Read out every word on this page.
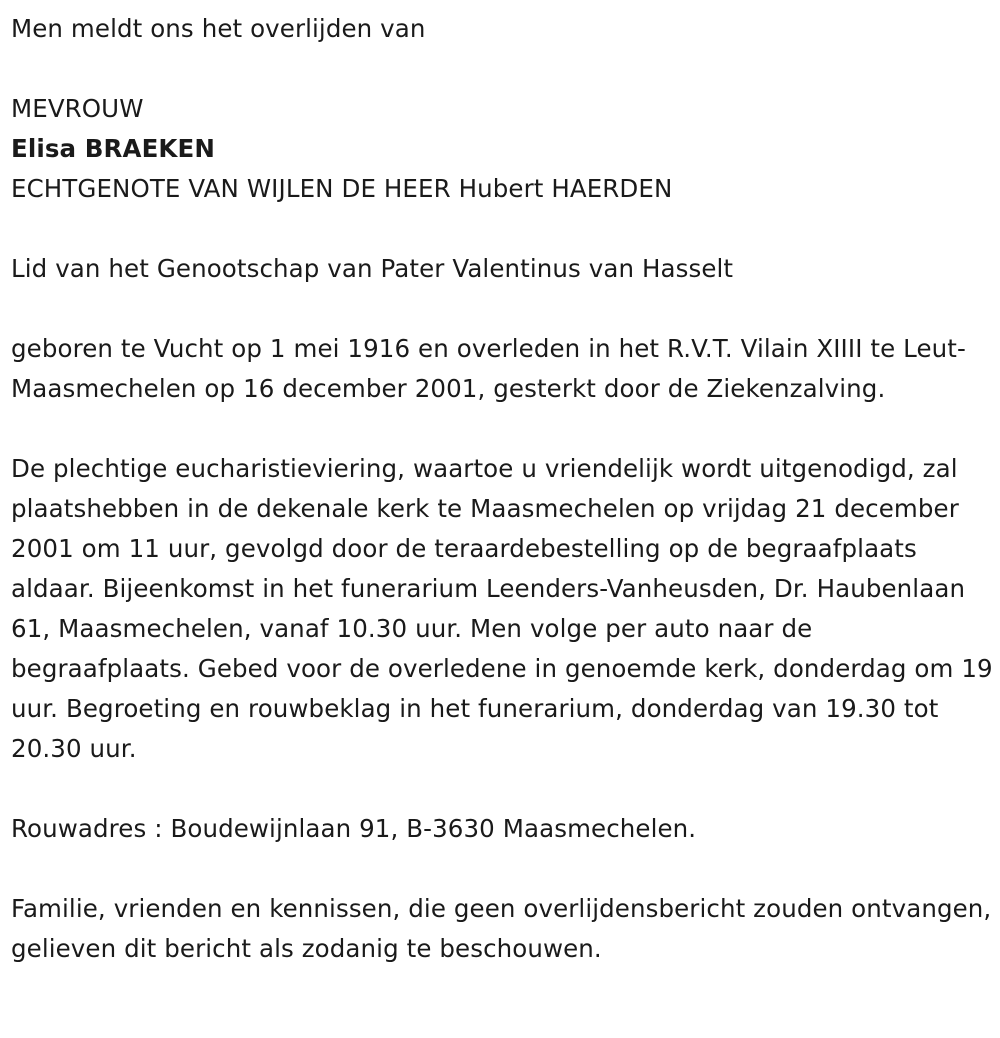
Men meldt ons het overlijden van

MEVROUW

Elisa BRAEKEN

ECHTGENOTE VAN WIJLEN DE HEER Hubert HAERDEN

Lid van het Genootschap van Pater Valentinus van Hasselt

geboren te Vucht op 1 mei 1916 en overleden in het R.V.T. Vilain XIIII te Leut-Maasmechelen op 16 december 2001, gesterkt door de Ziekenzalving.

De plechtige eucharistieviering, waartoe u vriendelijk wordt uitgenodigd, zal plaatshebben in de dekenale kerk te Maasmechelen op vrijdag 21 december 2001 om 11 uur, gevolgd door de teraardebestelling op de begraafplaats aldaar. Bijeenkomst in het funerarium Leenders-Vanheusden, Dr. Haubenlaan 61, Maasmechelen, vanaf 10.30 uur. Men volge per auto naar de begraafplaats. Gebed voor de overledene in genoemde kerk, donderdag om 19 uur. Begroeting en rouwbeklag in het funerarium, donderdag van 19.30 tot 20.30 uur.

Rouwadres : Boudewijnlaan 91, B-3630 Maasmechelen.

Familie, vrienden en kennissen, die geen overlijdensbericht zouden ontvangen, gelieven dit bericht als zodanig te beschouwen.
